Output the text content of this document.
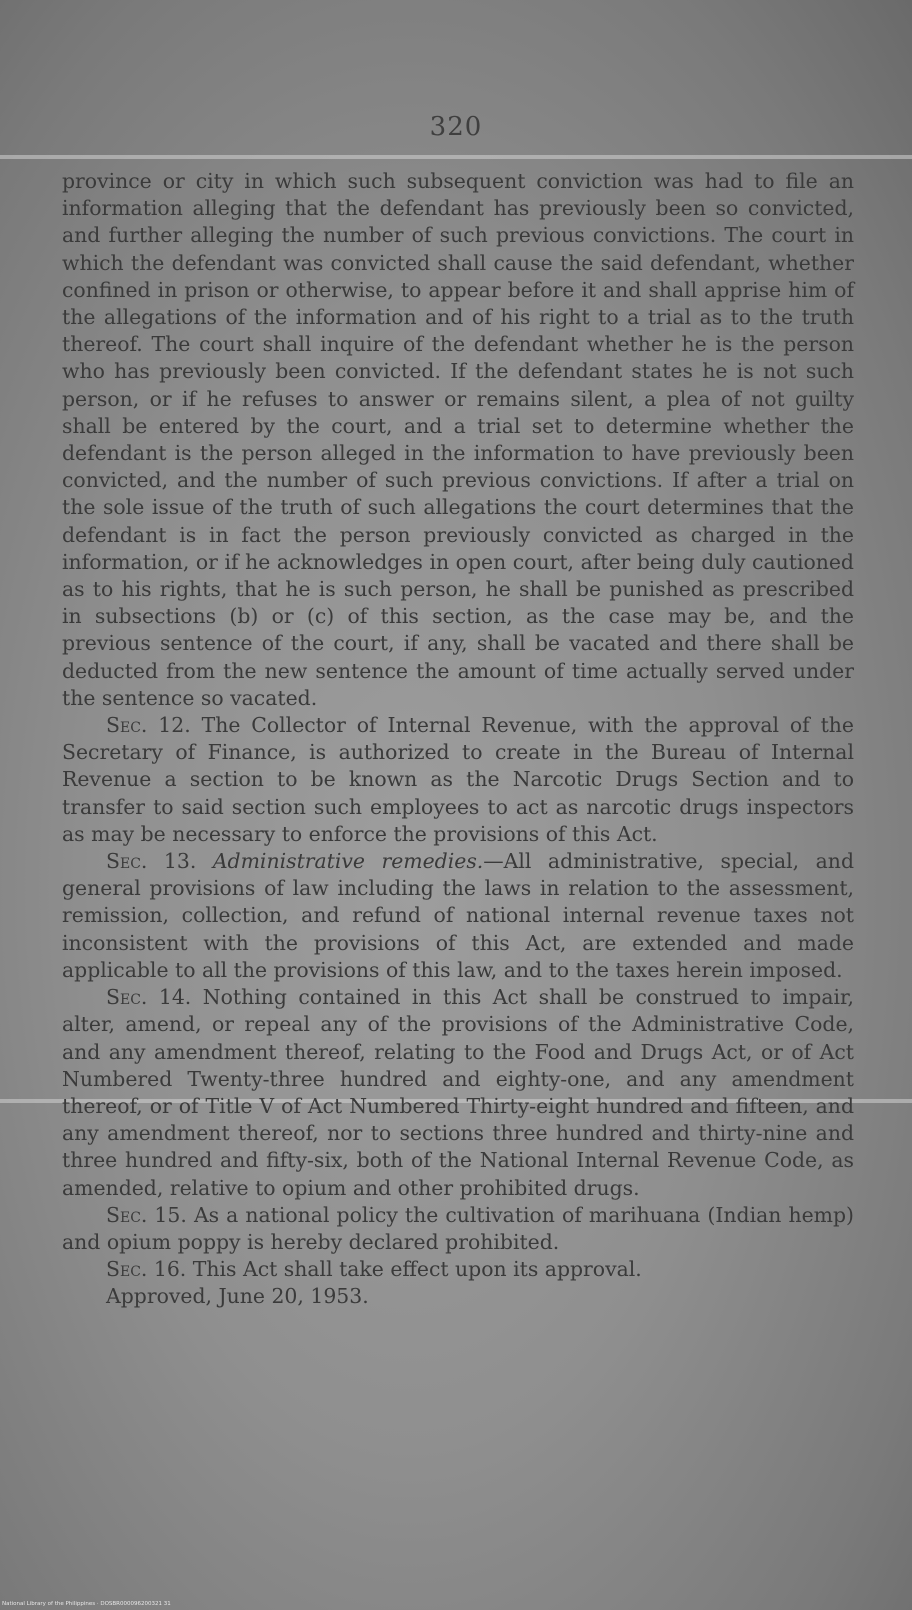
320

province or city in which such subsequent conviction was had to file an information alleging that the defendant has previously been so convicted, and further alleging the number of such previous convictions. The court in which the defendant was convicted shall cause the said defendant, whether confined in prison or otherwise, to appear before it and shall apprise him of the allegations of the information and of his right to a trial as to the truth thereof. The court shall inquire of the defendant whether he is the person who has previously been convicted. If the defendant states he is not such person, or if he refuses to answer or remains silent, a plea of not guilty shall be entered by the court, and a trial set to determine whether the defendant is the person alleged in the information to have previously been convicted, and the number of such previous convictions. If after a trial on the sole issue of the truth of such allegations the court determines that the defendant is in fact the person previously convicted as charged in the information, or if he acknowledges in open court, after being duly cautioned as to his rights, that he is such person, he shall be punished as prescribed in subsections (b) or (c) of this section, as the case may be, and the previous sentence of the court, if any, shall be vacated and there shall be deducted from the new sentence the amount of time actually served under the sentence so vacated.

Sec. 12. The Collector of Internal Revenue, with the approval of the Secretary of Finance, is authorized to create in the Bureau of Internal Revenue a section to be known as the Narcotic Drugs Section and to transfer to said section such employees to act as narcotic drugs inspectors as may be necessary to enforce the provisions of this Act.

Sec. 13. Administrative remedies.—All administrative, special, and general provisions of law including the laws in relation to the assessment, remission, collection, and refund of national internal revenue taxes not inconsistent with the provisions of this Act, are extended and made applicable to all the provisions of this law, and to the taxes herein imposed.

Sec. 14. Nothing contained in this Act shall be construed to impair, alter, amend, or repeal any of the provisions of the Administrative Code, and any amendment thereof, relating to the Food and Drugs Act, or of Act Numbered Twenty-three hundred and eighty-one, and any amendment thereof, or of Title V of Act Numbered Thirty-eight hundred and fifteen, and any amendment thereof, nor to sections three hundred and thirty-nine and three hundred and fifty-six, both of the National Internal Revenue Code, as amended, relative to opium and other prohibited drugs.

Sec. 15. As a national policy the cultivation of marihuana (Indian hemp) and opium poppy is hereby declared prohibited.

Sec. 16. This Act shall take effect upon its approval.

Approved, June 20, 1953.

National Library of the Philippines · DOSBR000096200321 31
